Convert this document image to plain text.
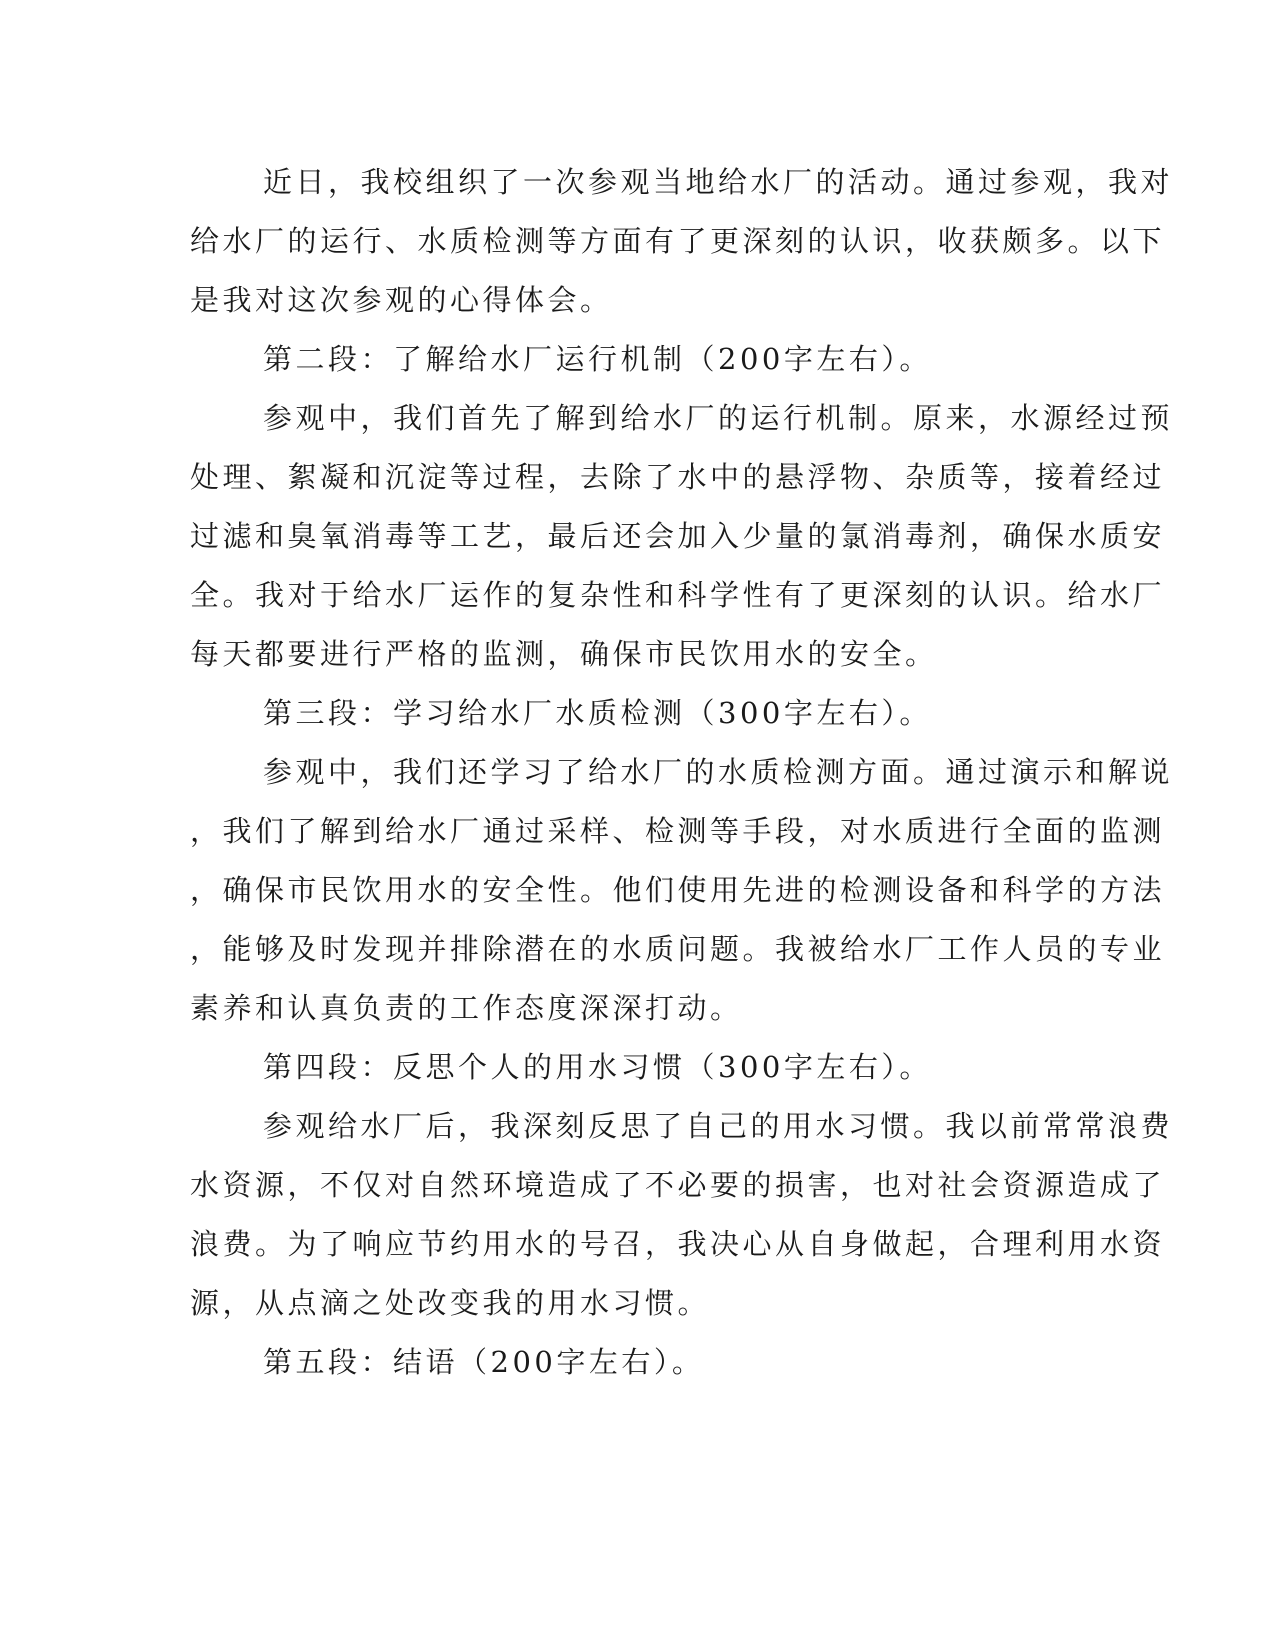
近日，我校组织了一次参观当地给水厂的活动。通过参观，我对
给水厂的运行、水质检测等方面有了更深刻的认识，收获颇多。以下
是我对这次参观的心得体会。
第二段：了解给水厂运行机制（200字左右）。
参观中，我们首先了解到给水厂的运行机制。原来，水源经过预
处理、絮凝和沉淀等过程，去除了水中的悬浮物、杂质等，接着经过
过滤和臭氧消毒等工艺，最后还会加入少量的氯消毒剂，确保水质安
全。我对于给水厂运作的复杂性和科学性有了更深刻的认识。给水厂
每天都要进行严格的监测，确保市民饮用水的安全。
第三段：学习给水厂水质检测（300字左右）。
参观中，我们还学习了给水厂的水质检测方面。通过演示和解说
，我们了解到给水厂通过采样、检测等手段，对水质进行全面的监测
，确保市民饮用水的安全性。他们使用先进的检测设备和科学的方法
，能够及时发现并排除潜在的水质问题。我被给水厂工作人员的专业
素养和认真负责的工作态度深深打动。
第四段：反思个人的用水习惯（300字左右）。
参观给水厂后，我深刻反思了自己的用水习惯。我以前常常浪费
水资源，不仅对自然环境造成了不必要的损害，也对社会资源造成了
浪费。为了响应节约用水的号召，我决心从自身做起，合理利用水资
源，从点滴之处改变我的用水习惯。
第五段：结语（200字左右）。
